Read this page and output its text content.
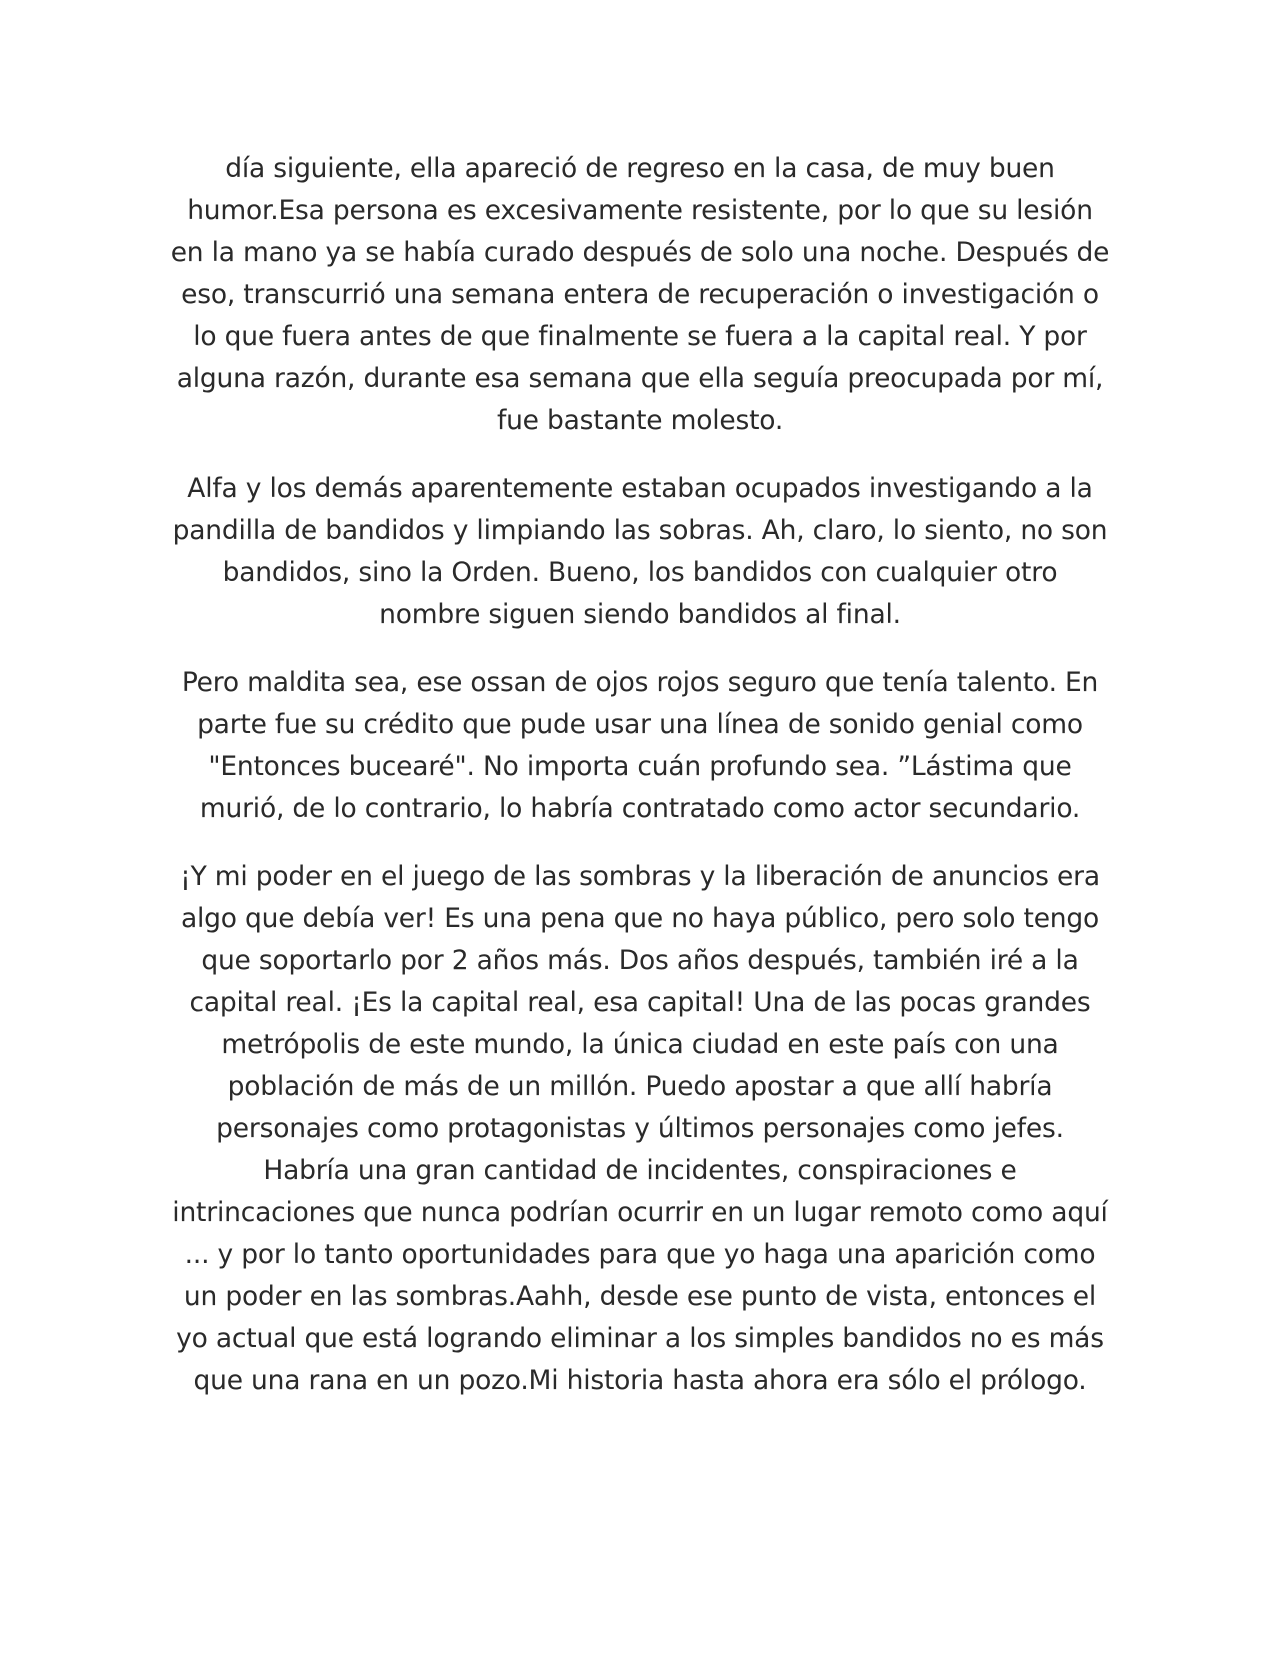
día siguiente, ella apareció de regreso en la casa, de muy buen humor.Esa persona es excesivamente resistente, por lo que su lesión en la mano ya se había curado después de solo una noche. Después de eso, transcurrió una semana entera de recuperación o investigación o lo que fuera antes de que finalmente se fuera a la capital real. Y por alguna razón, durante esa semana que ella seguía preocupada por mí, fue bastante molesto.

Alfa y los demás aparentemente estaban ocupados investigando a la pandilla de bandidos y limpiando las sobras. Ah, claro, lo siento, no son bandidos, sino la Orden. Bueno, los bandidos con cualquier otro nombre siguen siendo bandidos al final.

Pero maldita sea, ese ossan de ojos rojos seguro que tenía talento. En parte fue su crédito que pude usar una línea de sonido genial como "Entonces bucearé". No importa cuán profundo sea. ”Lástima que murió, de lo contrario, lo habría contratado como actor secundario.

¡Y mi poder en el juego de las sombras y la liberación de anuncios era algo que debía ver! Es una pena que no haya público, pero solo tengo que soportarlo por 2 años más. Dos años después, también iré a la capital real. ¡Es la capital real, esa capital! Una de las pocas grandes metrópolis de este mundo, la única ciudad en este país con una población de más de un millón. Puedo apostar a que allí habría personajes como protagonistas y últimos personajes como jefes. Habría una gran cantidad de incidentes, conspiraciones e intrincaciones que nunca podrían ocurrir en un lugar remoto como aquí ... y por lo tanto oportunidades para que yo haga una aparición como un poder en las sombras.Aahh, desde ese punto de vista, entonces el yo actual que está logrando eliminar a los simples bandidos no es más que una rana en un pozo.Mi historia hasta ahora era sólo el prólogo.
